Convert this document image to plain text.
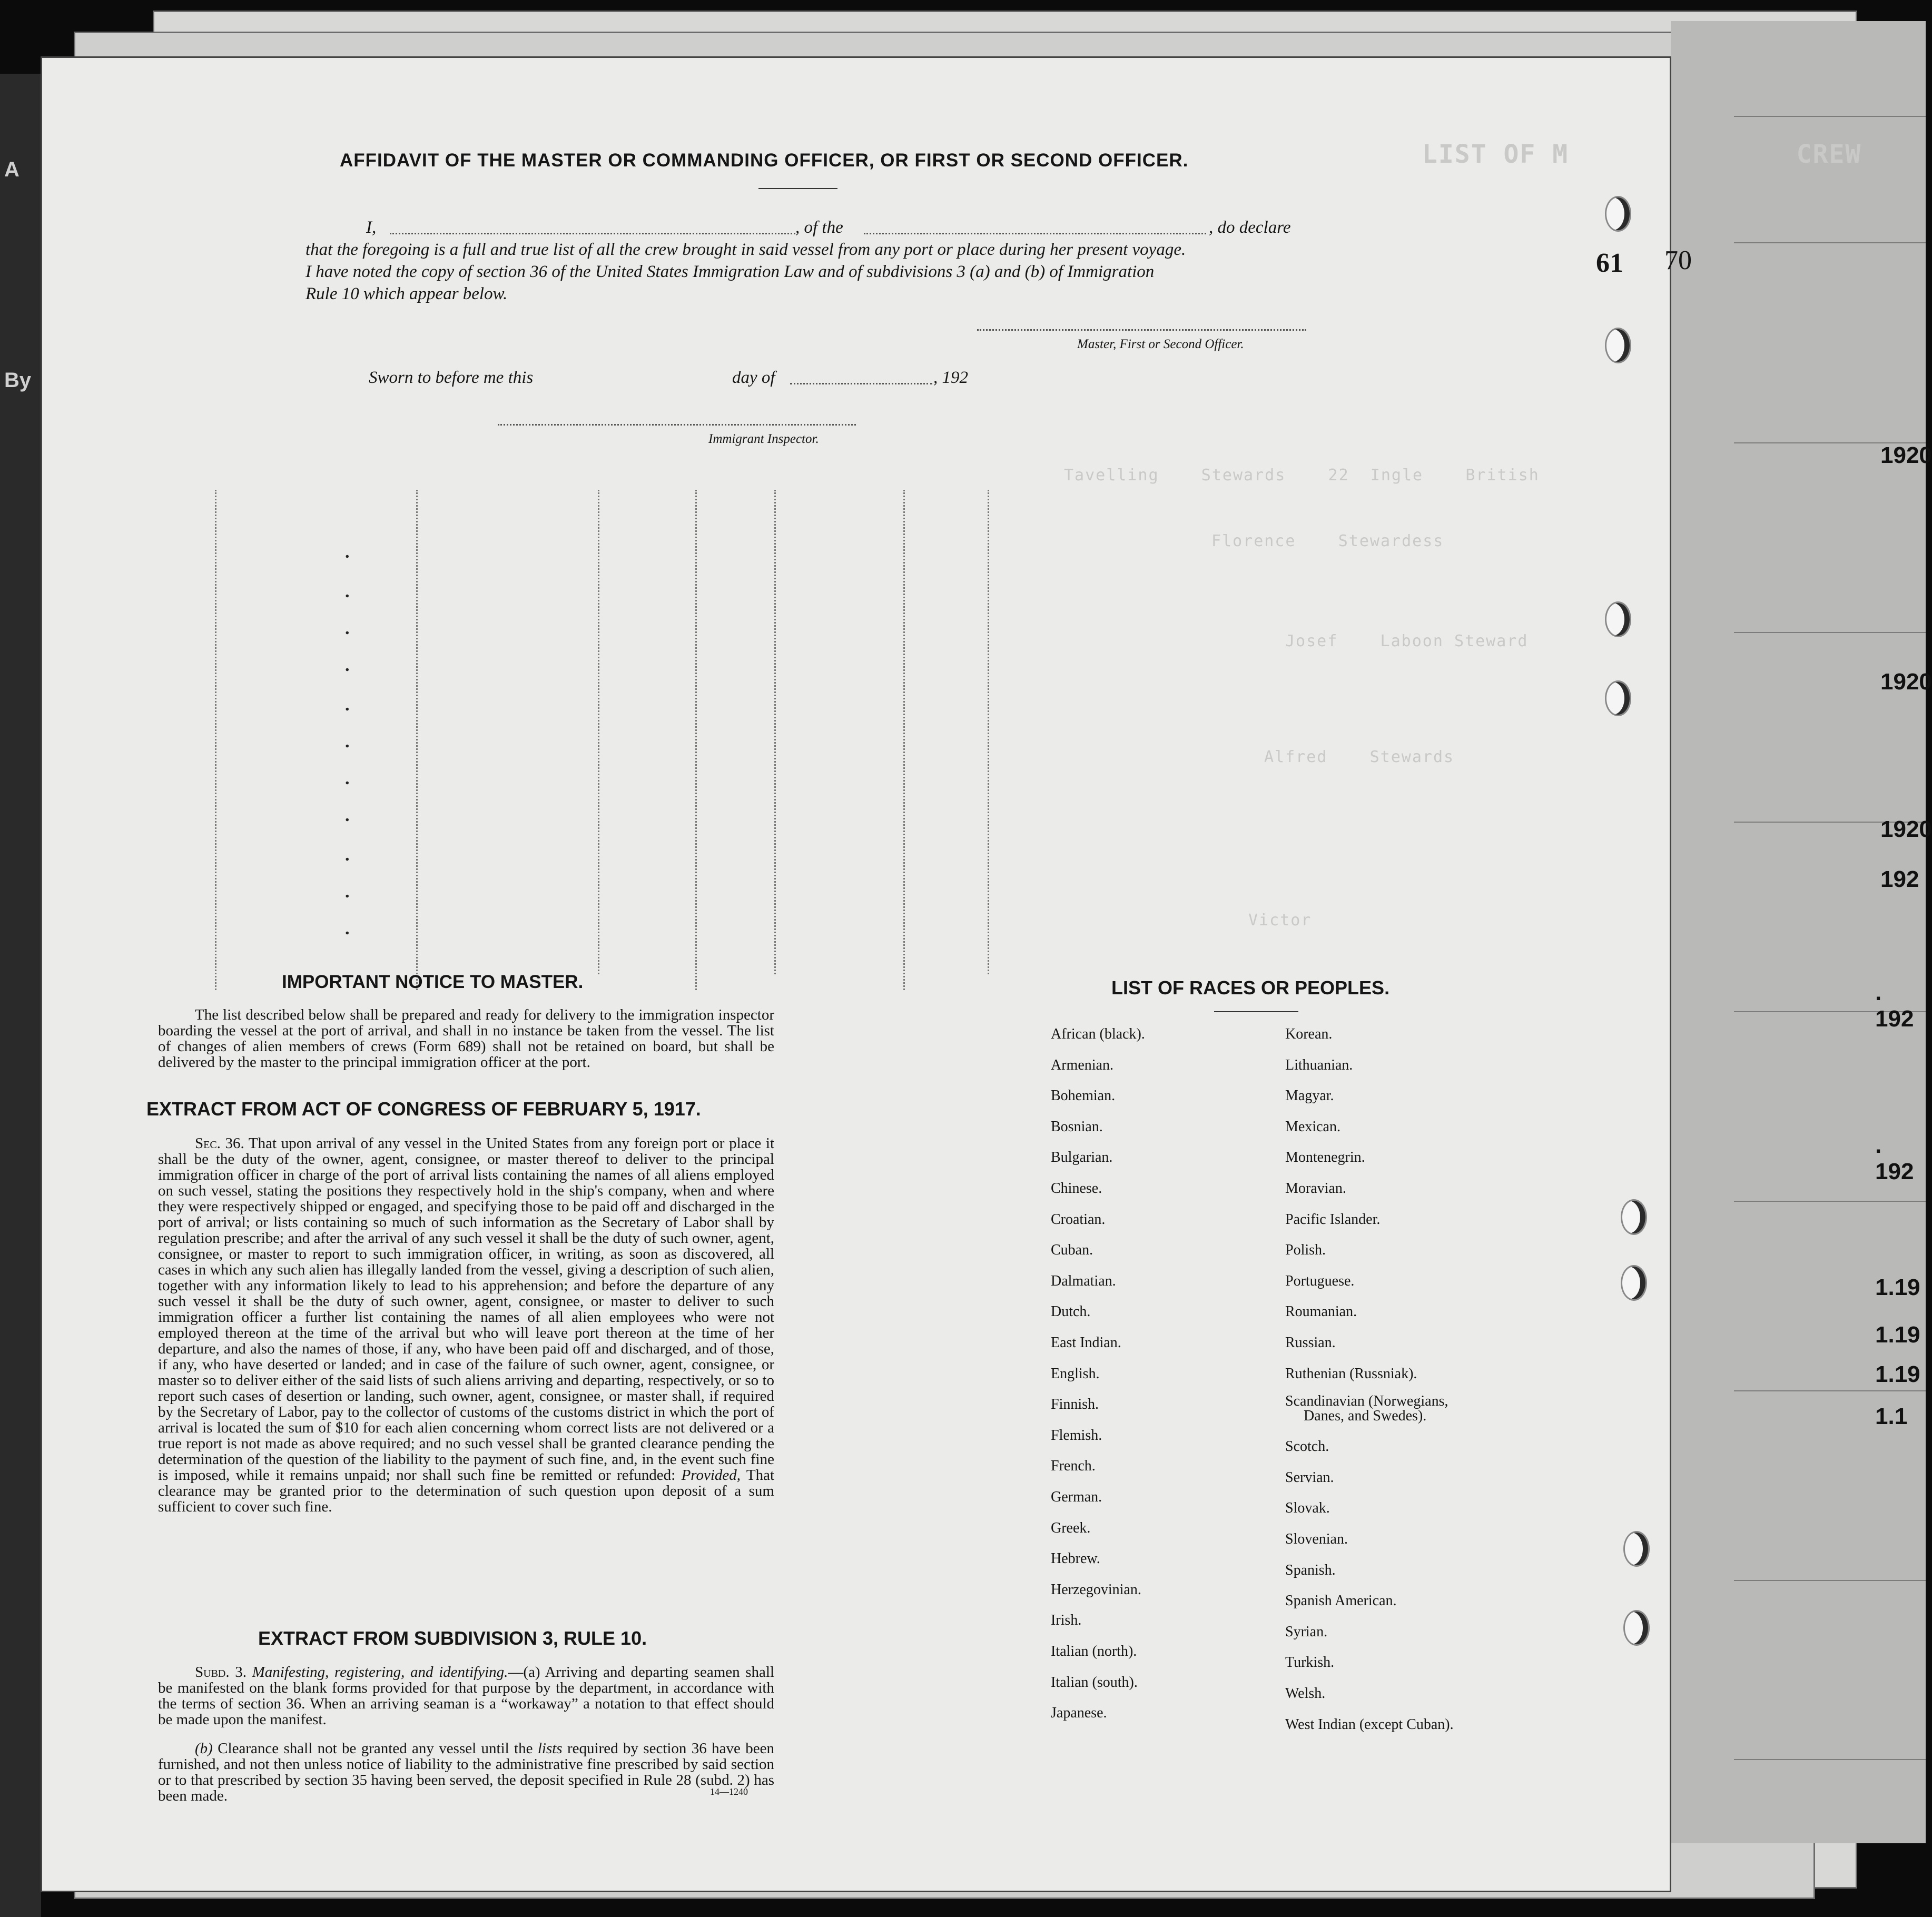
A
By
LIST OF M              CREW
Tavelling    Stewards    22  Ingle    British
Florence    Stewardess
Josef    Laboon Steward
Alfred    Stewards
Victor
1920
1920
1920
192
. 192
. 192
1.19
1.19
1.19
1.1
AFFIDAVIT OF THE MASTER OR COMMANDING OFFICER, OR FIRST OR SECOND OFFICER.
I,	, of the	, do declare
that the foregoing is a full and true list of all the crew brought in said vessel from any port or place during her present voyage.
I have noted the copy of section 36 of the United States Immigration Law and of subdivisions 3 (a) and (b) of Immigration
Rule 10 which appear below.
Master, First or Second Officer.
Sworn to before me this	day of	, 192
Immigrant Inspector.
61 70
.
.
.
.
.
.
.
.
.
.
.
IMPORTANT NOTICE TO MASTER.
The list described below shall be prepared and ready for delivery to the immigration inspector boarding the vessel at the port of arrival, and shall in no instance be taken from the vessel. The list of changes of alien members of crews (Form 689) shall not be retained on board, but shall be delivered by the master to the principal immigration officer at the port.
EXTRACT FROM ACT OF CONGRESS OF FEBRUARY 5, 1917.
Sec. 36. That upon arrival of any vessel in the United States from any foreign port or place it shall be the duty of the owner, agent, consignee, or master thereof to deliver to the principal immigration officer in charge of the port of arrival lists containing the names of all aliens employed on such vessel, stating the positions they respectively hold in the ship's company, when and where they were respectively shipped or engaged, and specifying those to be paid off and discharged in the port of arrival; or lists containing so much of such information as the Secretary of Labor shall by regulation prescribe; and after the arrival of any such vessel it shall be the duty of such owner, agent, consignee, or master to report to such immigration officer, in writing, as soon as discovered, all cases in which any such alien has illegally landed from the vessel, giving a description of such alien, together with any information likely to lead to his apprehension; and before the departure of any such vessel it shall be the duty of such owner, agent, consignee, or master to deliver to such immigration officer a further list containing the names of all alien employees who were not employed thereon at the time of the arrival but who will leave port thereon at the time of her departure, and also the names of those, if any, who have been paid off and discharged, and of those, if any, who have deserted or landed; and in case of the failure of such owner, agent, consignee, or master so to deliver either of the said lists of such aliens arriving and departing, respectively, or so to report such cases of desertion or landing, such owner, agent, consignee, or master shall, if required by the Secretary of Labor, pay to the collector of customs of the customs district in which the port of arrival is located the sum of $10 for each alien concerning whom correct lists are not delivered or a true report is not made as above required; and no such vessel shall be granted clearance pending the determination of the question of the liability to the payment of such fine, and, in the event such fine is imposed, while it remains unpaid; nor shall such fine be remitted or refunded: Provided, That clearance may be granted prior to the determination of such question upon deposit of a sum sufficient to cover such fine.
EXTRACT FROM SUBDIVISION 3, RULE 10.
Subd. 3. Manifesting, registering, and identifying.—(a) Arriving and departing seamen shall be manifested on the blank forms provided for that purpose by the department, in accordance with the terms of section 36. When an arriving seaman is a “workaway” a notation to that effect should be made upon the manifest.
(b) Clearance shall not be granted any vessel until the lists required by section 36 have been furnished, and not then unless notice of liability to the administrative fine prescribed by said section or to that prescribed by section 35 having been served, the deposit specified in Rule 28 (subd. 2) has been made.	14—1240
LIST OF RACES OR PEOPLES.
African (black).
Armenian.
Bohemian.
Bosnian.
Bulgarian.
Chinese.
Croatian.
Cuban.
Dalmatian.
Dutch.
East Indian.
English.
Finnish.
Flemish.
French.
German.
Greek.
Hebrew.
Herzegovinian.
Irish.
Italian (north).
Italian (south).
Japanese.
Korean.
Lithuanian.
Magyar.
Mexican.
Montenegrin.
Moravian.
Pacific Islander.
Polish.
Portuguese.
Roumanian.
Russian.
Ruthenian (Russniak).
Scandinavian (Norwegians,
Danes, and Swedes).
Scotch.
Servian.
Slovak.
Slovenian.
Spanish.
Spanish American.
Syrian.
Turkish.
Welsh.
West Indian (except Cuban).
